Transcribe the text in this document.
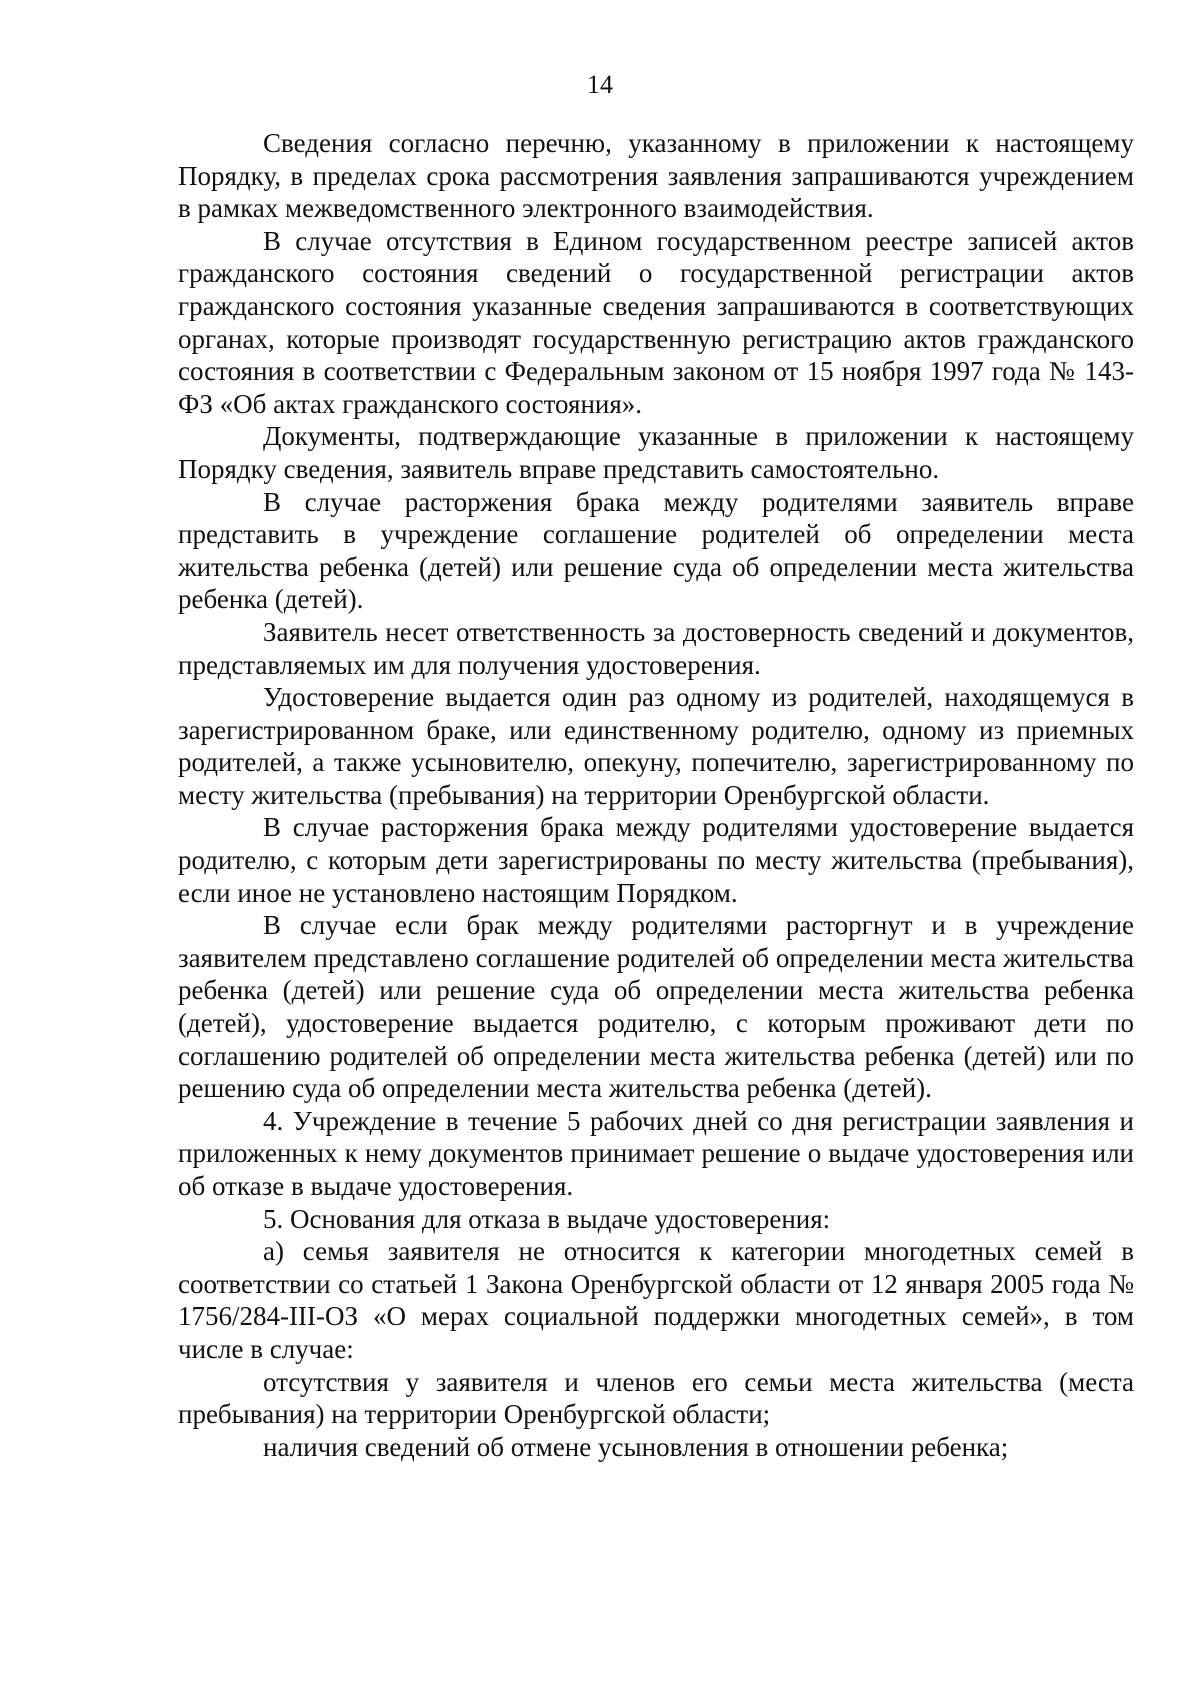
14

Сведения согласно перечню, указанному в приложении к настоящему Порядку, в пределах срока рассмотрения заявления запрашиваются учреждением в рамках межведомственного электронного взаимодействия.

В случае отсутствия в Едином государственном реестре записей актов гражданского состояния сведений о государственной регистрации актов гражданского состояния указанные сведения запрашиваются в соответствующих органах, которые производят государственную регистрацию актов гражданского состояния в соответствии с Федеральным законом от 15 ноября 1997 года № 143-ФЗ «Об актах гражданского состояния».

Документы, подтверждающие указанные в приложении к настоящему Порядку сведения, заявитель вправе представить самостоятельно.

В случае расторжения брака между родителями заявитель вправе представить в учреждение соглашение родителей об определении места жительства ребенка (детей) или решение суда об определении места жительства ребенка (детей).

Заявитель несет ответственность за достоверность сведений и документов, представляемых им для получения удостоверения.

Удостоверение выдается один раз одному из родителей, находящемуся в зарегистрированном браке, или единственному родителю, одному из приемных родителей, а также усыновителю, опекуну, попечителю, зарегистрированному по месту жительства (пребывания) на территории Оренбургской области.

В случае расторжения брака между родителями удостоверение выдается родителю, с которым дети зарегистрированы по месту жительства (пребывания), если иное не установлено настоящим Порядком.

В случае если брак между родителями расторгнут и в учреждение заявителем представлено соглашение родителей об определении места жительства ребенка (детей) или решение суда об определении места жительства ребенка (детей), удостоверение выдается родителю, с которым проживают дети по соглашению родителей об определении места жительства ребенка (детей) или по решению суда об определении места жительства ребенка (детей).

4. Учреждение в течение 5 рабочих дней со дня регистрации заявления и приложенных к нему документов принимает решение о выдаче удостоверения или об отказе в выдаче удостоверения.

5. Основания для отказа в выдаче удостоверения:

а) семья заявителя не относится к категории многодетных семей в соответствии со статьей 1 Закона Оренбургской области от 12 января 2005 года № 1756/284-III-ОЗ «О мерах социальной поддержки многодетных семей», в том числе в случае:

отсутствия у заявителя и членов его семьи места жительства (места пребывания) на территории Оренбургской области;

наличия сведений об отмене усыновления в отношении ребенка;
